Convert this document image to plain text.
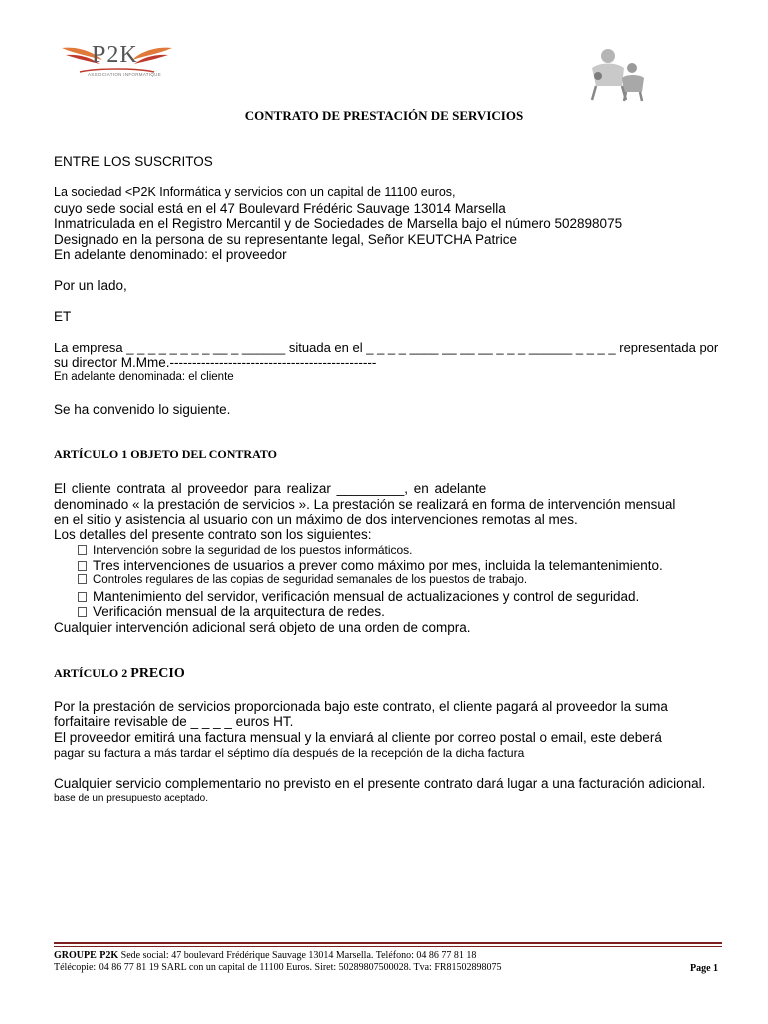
P2K
ASSOCIATION INFORMATIQUE
CONTRATO DE PRESTACIÓN DE SERVICIOS
ENTRE LOS SUSCRITOS
La sociedad <P2K Informática y servicios con un capital de 11100 euros,
cuyo sede social está en el 47 Boulevard Frédéric Sauvage 13014 Marsella
Inmatriculada en el Registro Mercantil y de Sociedades de Marsella bajo el número 502898075
Designado en la persona de su representante legal, Señor KEUTCHA Patrice
En adelante denominado: el proveedor
Por un lado,
ET
La empresa _ _ _ _ _ _ _ _ __ _ ______ situada en el _ _ _ _ ____ __ __ __ _ _ _ ______ _ _ _ _ representada por
su director M.Mme.----------------------------------------------
En adelante denominada: el cliente
Se ha convenido lo siguiente.
ARTÍCULO 1 OBJETO DEL CONTRATO
El cliente contrata al proveedor para realizar _________, en adelante
denominado « la prestación de servicios ». La prestación se realizará en forma de intervención mensual
en el sitio y asistencia al usuario con un máximo de dos intervenciones remotas al mes.
Los detalles del presente contrato son los siguientes:
Intervención sobre la seguridad de los puestos informáticos.
Tres intervenciones de usuarios a prever como máximo por mes, incluida la telemantenimiento.
Controles regulares de las copias de seguridad semanales de los puestos de trabajo.
Mantenimiento del servidor, verificación mensual de actualizaciones y control de seguridad.
Verificación mensual de la arquitectura de redes.
Cualquier intervención adicional será objeto de una orden de compra.
ARTÍCULO 2 PRECIO
Por la prestación de servicios proporcionada bajo este contrato, el cliente pagará al proveedor la suma
forfaitaire revisable de _ _ _ _ euros HT.
El proveedor emitirá una factura mensual y la enviará al cliente por correo postal o email, este deberá
pagar su factura a más tardar el séptimo día después de la recepción de la dicha factura
Cualquier servicio complementario no previsto en el presente contrato dará lugar a una facturación adicional.
base de un presupuesto aceptado.
GROUPE P2K Sede social: 47 boulevard Frédérique Sauvage 13014 Marsella. Teléfono: 04 86 77 81 18
Télécopie: 04 86 77 81 19 SARL con un capital de 11100 Euros. Siret: 50289807500028. Tva: FR81502898075	Page 1
